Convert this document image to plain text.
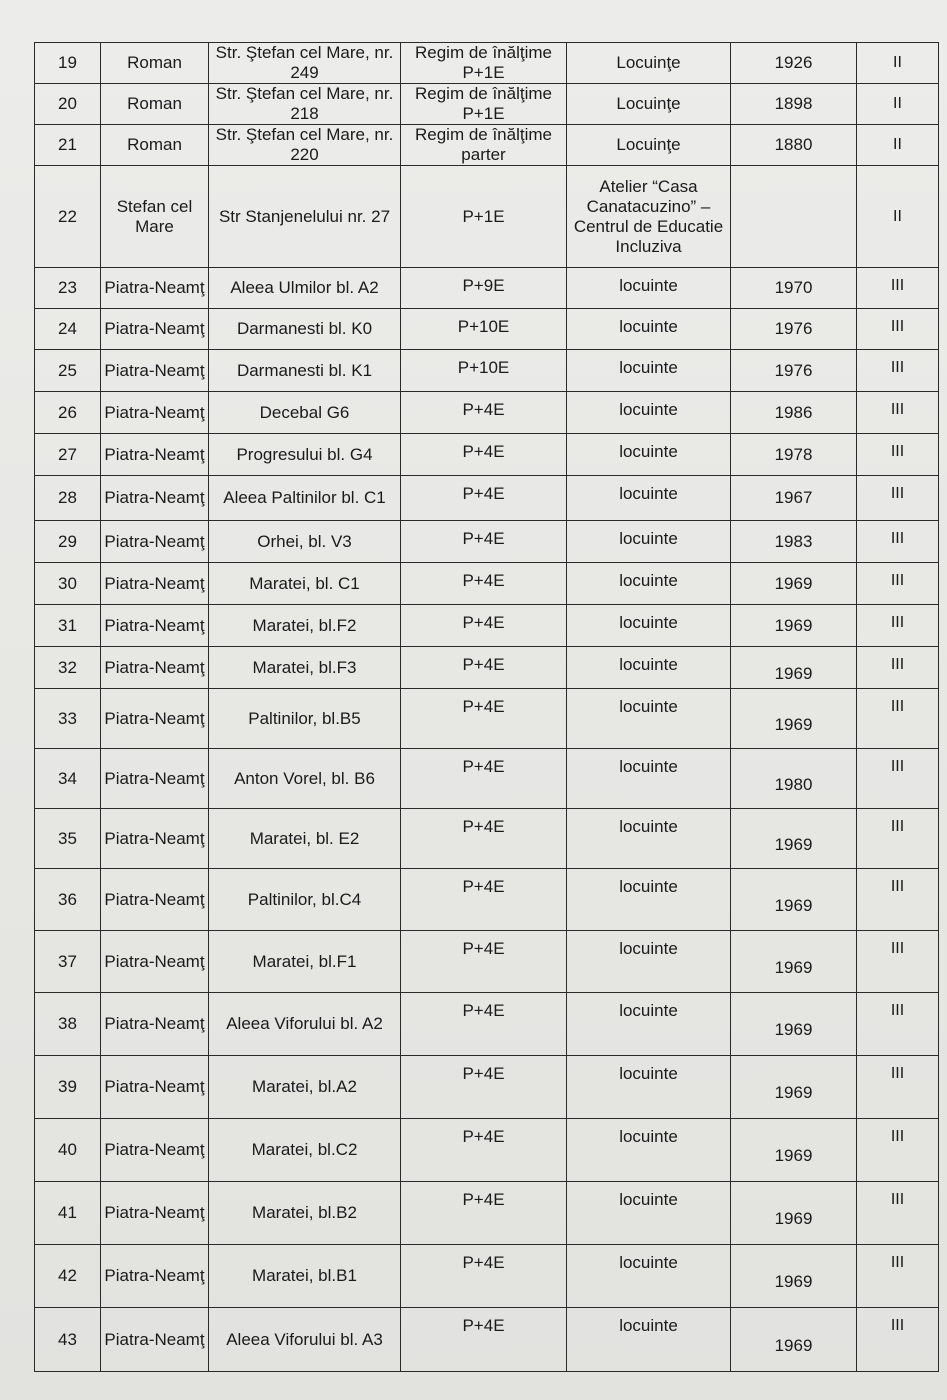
19	Roman	Str. Ştefan cel Mare, nr. 249	Regim de înălţime P+1E	Locuinţe	1926	II
20	Roman	Str. Ştefan cel Mare, nr. 218	Regim de înălţime P+1E	Locuinţe	1898	II
21	Roman	Str. Ştefan cel Mare, nr. 220	Regim de înălţime parter	Locuinţe	1880	II
22	Stefan cel Mare	Str Stanjenelului nr. 27	P+1E	Atelier “Casa Canatacuzino” – Centrul de Educatie Incluziva		II
23	Piatra-Neamţ	Aleea Ulmilor bl. A2	P+9E	locuinte	1970	III
24	Piatra-Neamţ	Darmanesti bl. K0	P+10E	locuinte	1976	III
25	Piatra-Neamţ	Darmanesti bl. K1	P+10E	locuinte	1976	III
26	Piatra-Neamţ	Decebal G6	P+4E	locuinte	1986	III
27	Piatra-Neamţ	Progresului bl. G4	P+4E	locuinte	1978	III
28	Piatra-Neamţ	Aleea Paltinilor bl. C1	P+4E	locuinte	1967	III
29	Piatra-Neamţ	Orhei, bl. V3	P+4E	locuinte	1983	III
30	Piatra-Neamţ	Maratei, bl. C1	P+4E	locuinte	1969	III
31	Piatra-Neamţ	Maratei, bl.F2	P+4E	locuinte	1969	III
32	Piatra-Neamţ	Maratei, bl.F3	P+4E	locuinte	1969	III
33	Piatra-Neamţ	Paltinilor, bl.B5	P+4E	locuinte	1969	III
34	Piatra-Neamţ	Anton Vorel, bl. B6	P+4E	locuinte	1980	III
35	Piatra-Neamţ	Maratei, bl. E2	P+4E	locuinte	1969	III
36	Piatra-Neamţ	Paltinilor, bl.C4	P+4E	locuinte	1969	III
37	Piatra-Neamţ	Maratei, bl.F1	P+4E	locuinte	1969	III
38	Piatra-Neamţ	Aleea Viforului bl. A2	P+4E	locuinte	1969	III
39	Piatra-Neamţ	Maratei, bl.A2	P+4E	locuinte	1969	III
40	Piatra-Neamţ	Maratei, bl.C2	P+4E	locuinte	1969	III
41	Piatra-Neamţ	Maratei, bl.B2	P+4E	locuinte	1969	III
42	Piatra-Neamţ	Maratei, bl.B1	P+4E	locuinte	1969	III
43	Piatra-Neamţ	Aleea Viforului bl. A3	P+4E	locuinte	1969	III
